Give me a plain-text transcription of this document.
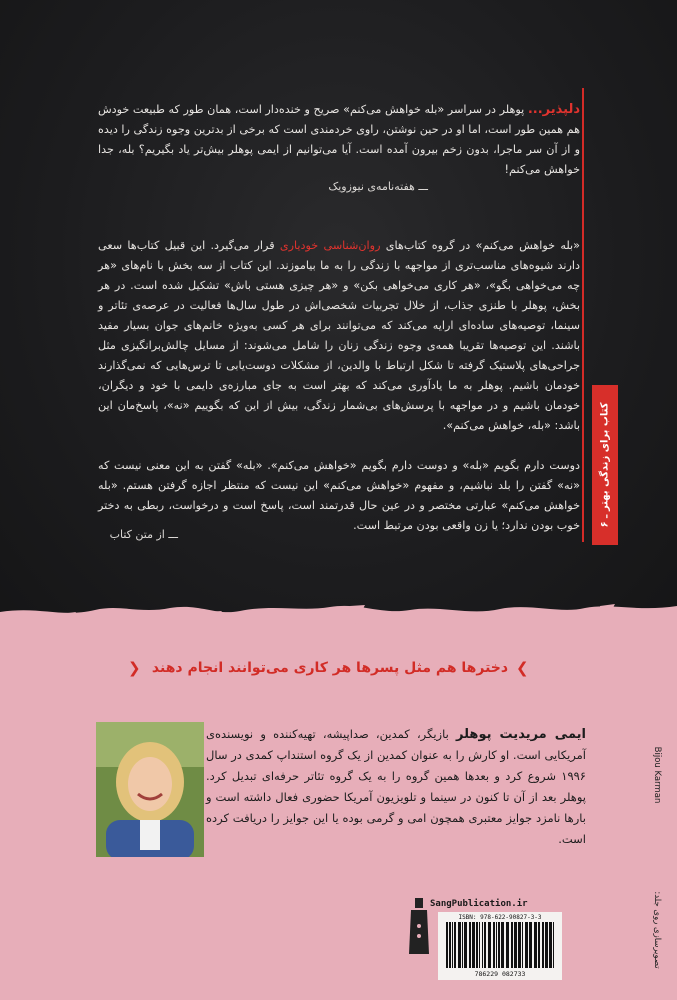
دلپذیر... پوهلر در سراسر «بله خواهش می‌کنم» صریح و خنده‌دار است، همان طور که طبیعت خودش هم همین طور است، اما او در حین نوشتن، راوی خردمندی است که برخی از بدترین وجوه زندگی را دیده و از آن سر ماجرا، بدون زخم بیرون آمده است. آیا می‌توانیم از ایمی پوهلر بیش‌تر یاد بگیریم؟ بله، جدا خواهش می‌کنم!
ـــ هفته‌نامه‌ی نیوزویک
«بله خواهش می‌کنم» در گروه کتاب‌های روان‌شناسی خودیاری قرار می‌گیرد. این قبیل کتاب‌ها سعی دارند شیوه‌های مناسب‌تری از مواجهه با زندگی را به ما بیاموزند. این کتاب از سه بخش با نام‌های «هر چه می‌خواهی بگو»، «هر کاری می‌خواهی بکن» و «هر چیزی هستی باش» تشکیل شده است. در هر بخش، پوهلر با طنزی جذاب، از خلال تجربیات شخصی‌اش در طول سال‌ها فعالیت در عرصه‌ی تئاتر و سینما، توصیه‌های ساده‌ای ارایه می‌کند که می‌توانند برای هر کسی به‌ویژه خانم‌های جوان بسیار مفید باشند. این توصیه‌ها تقریبا همه‌ی وجوه زندگی زنان را شامل می‌شوند: از مسایل چالش‌برانگیزی مثل جراحی‌های پلاستیک گرفته تا شکل ارتباط با والدین، از مشکلات دوست‌یابی تا ترس‌هایی که نمی‌گذارند خودمان باشیم. پوهلر به ما یادآوری می‌کند که بهتر است به جای مبارزه‌ی دایمی با خود و دیگران، خودمان باشیم و در مواجهه با پرسش‌های بی‌شمار زندگی، بیش از این که بگوییم «نه»، پاسخ‌مان این باشد: «بله، خواهش می‌کنم».
دوست دارم بگویم «بله» و دوست دارم بگویم «خواهش می‌کنم». «بله» گفتن به این معنی نیست که «نه» گفتن را بلد نباشیم، و مفهوم «خواهش می‌کنم» این نیست که منتظر اجازه گرفتن هستم. «بله خواهش می‌کنم» عبارتی مختصر و در عین حال قدرتمند است، پاسخ است و درخواست، ربطی به دختر خوب بودن ندارد؛ یا زن واقعی بودن مرتبط است.
ـــ از متن کتاب
کتاب برای زندگی بهتر ـ ۶
❮
دخترها هم مثل پسرها هر کاری می‌توانند انجام دهند
❯
ایمی مریدیت پوهلر بازیگر، کمدین، صداپیشه، تهیه‌کننده و نویسنده‌ی آمریکایی است. او کارش را به عنوان کمدین از یک گروه استنداپ کمدی در سال ۱۹۹۶ شروع کرد و بعدها همین گروه را به یک گروه تئاتر حرفه‌ای تبدیل کرد. پوهلر بعد از آن تا کنون در سینما و تلویزیون آمریکا حضوری فعال داشته است و بارها نامزد جوایز معتبری همچون امی و گرمی بوده یا این جوایز را دریافت کرده است.
Bijou Karman
تصویرسازی روی جلد:
SangPublication.ir
ISBN: 978-622-90827-3-3
786229 082733
